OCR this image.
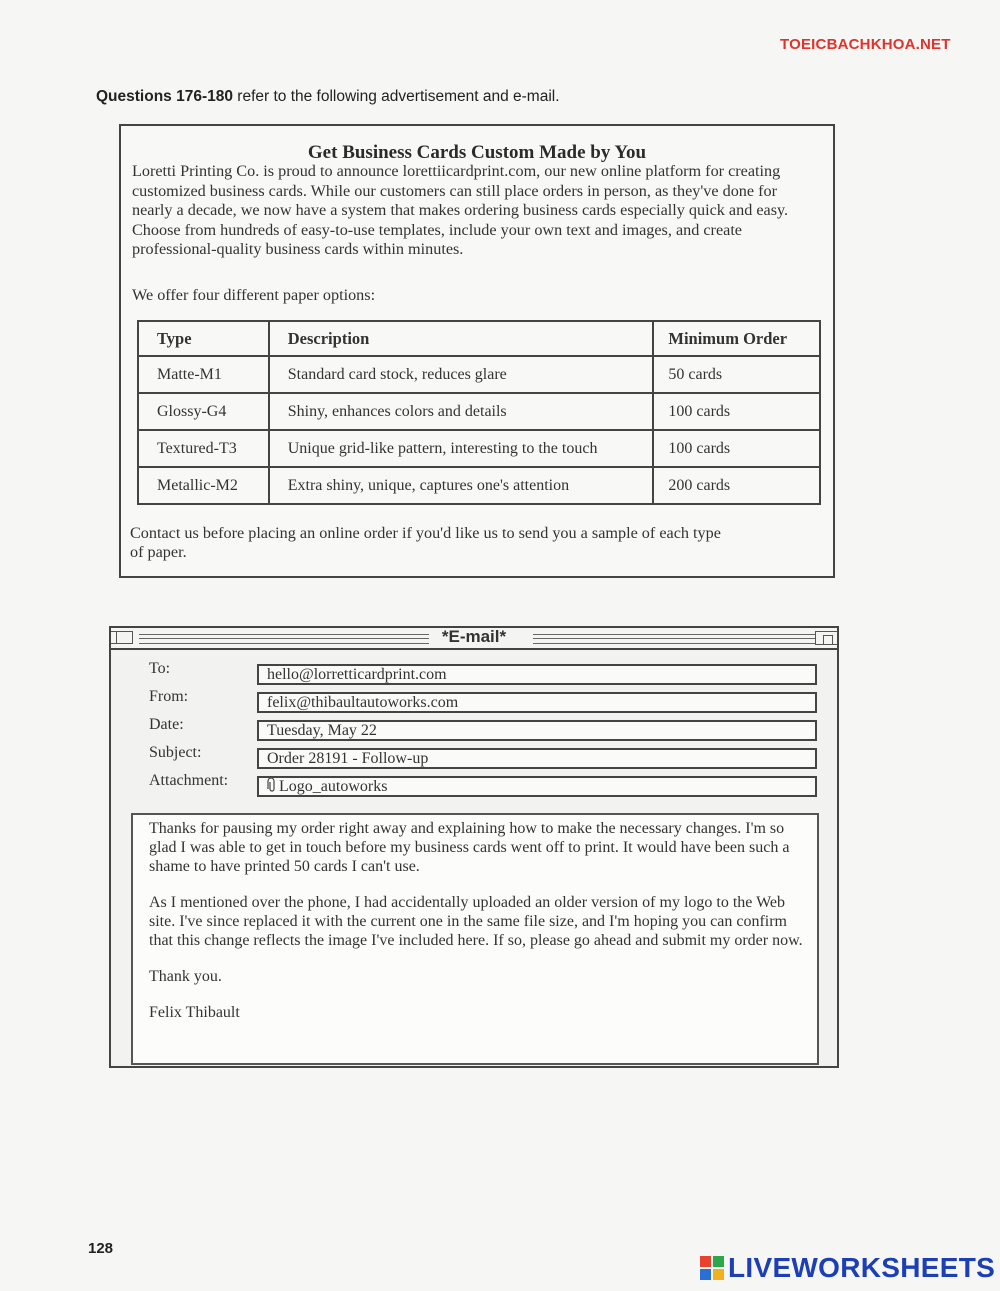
TOEICBACHKHOA.NET
Questions 176-180 refer to the following advertisement and e-mail.
Get Business Cards Custom Made by You
Loretti Printing Co. is proud to announce lorettiicardprint.com, our new online platform for creating customized business cards. While our customers can still place orders in person, as they've done for nearly a decade, we now have a system that makes ordering business cards especially quick and easy. Choose from hundreds of easy-to-use templates, include your own text and images, and create professional-quality business cards within minutes.
We offer four different paper options:
Type	Description	Minimum Order
Matte-M1	Standard card stock, reduces glare	50 cards
Glossy-G4	Shiny, enhances colors and details	100 cards
Textured-T3	Unique grid-like pattern, interesting to the touch	100 cards
Metallic-M2	Extra shiny, unique, captures one's attention	200 cards
Contact us before placing an online order if you'd like us to send you a sample of each type of paper.
*E-mail*
To:	hello@lorretticardprint.com
From:	felix@thibaultautoworks.com
Date:	Tuesday, May 22
Subject:	Order 28191 - Follow-up
Attachment:	Logo_autoworks

Thanks for pausing my order right away and explaining how to make the necessary changes. I'm so glad I was able to get in touch before my business cards went off to print. It would have been such a shame to have printed 50 cards I can't use.

As I mentioned over the phone, I had accidentally uploaded an older version of my logo to the Web site. I've since replaced it with the current one in the same file size, and I'm hoping you can confirm that this change reflects the image I've included here. If so, please go ahead and submit my order now.

Thank you.

Felix Thibault

128
LIVEWORKSHEETS
